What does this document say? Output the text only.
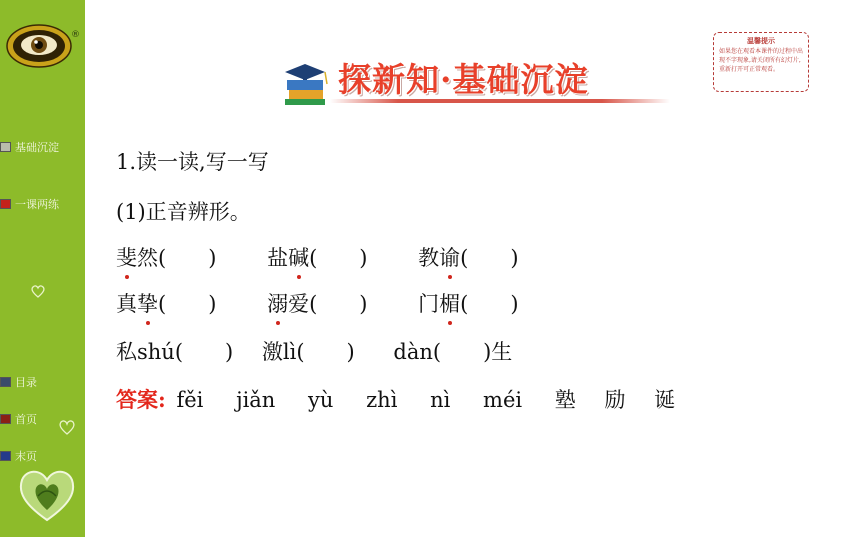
®
基础沉淀
一课两练
目录
首页
末页
探新知·基础沉淀
温馨提示
如果您在观看本课件的过程中出现不字现象,请关闭所有幻灯片,重新打开可正常观看。
1.读一读,写一写
(1)正音辨形。
斐然(　　) 盐碱(　　) 教谕(　　)
真挚(　　) 溺爱(　　) 门楣(　　)
私shú(　　) 激lì(　　) dàn(　　)生
答案: fěi jiǎn yù zhì nì méi 塾 励 诞
